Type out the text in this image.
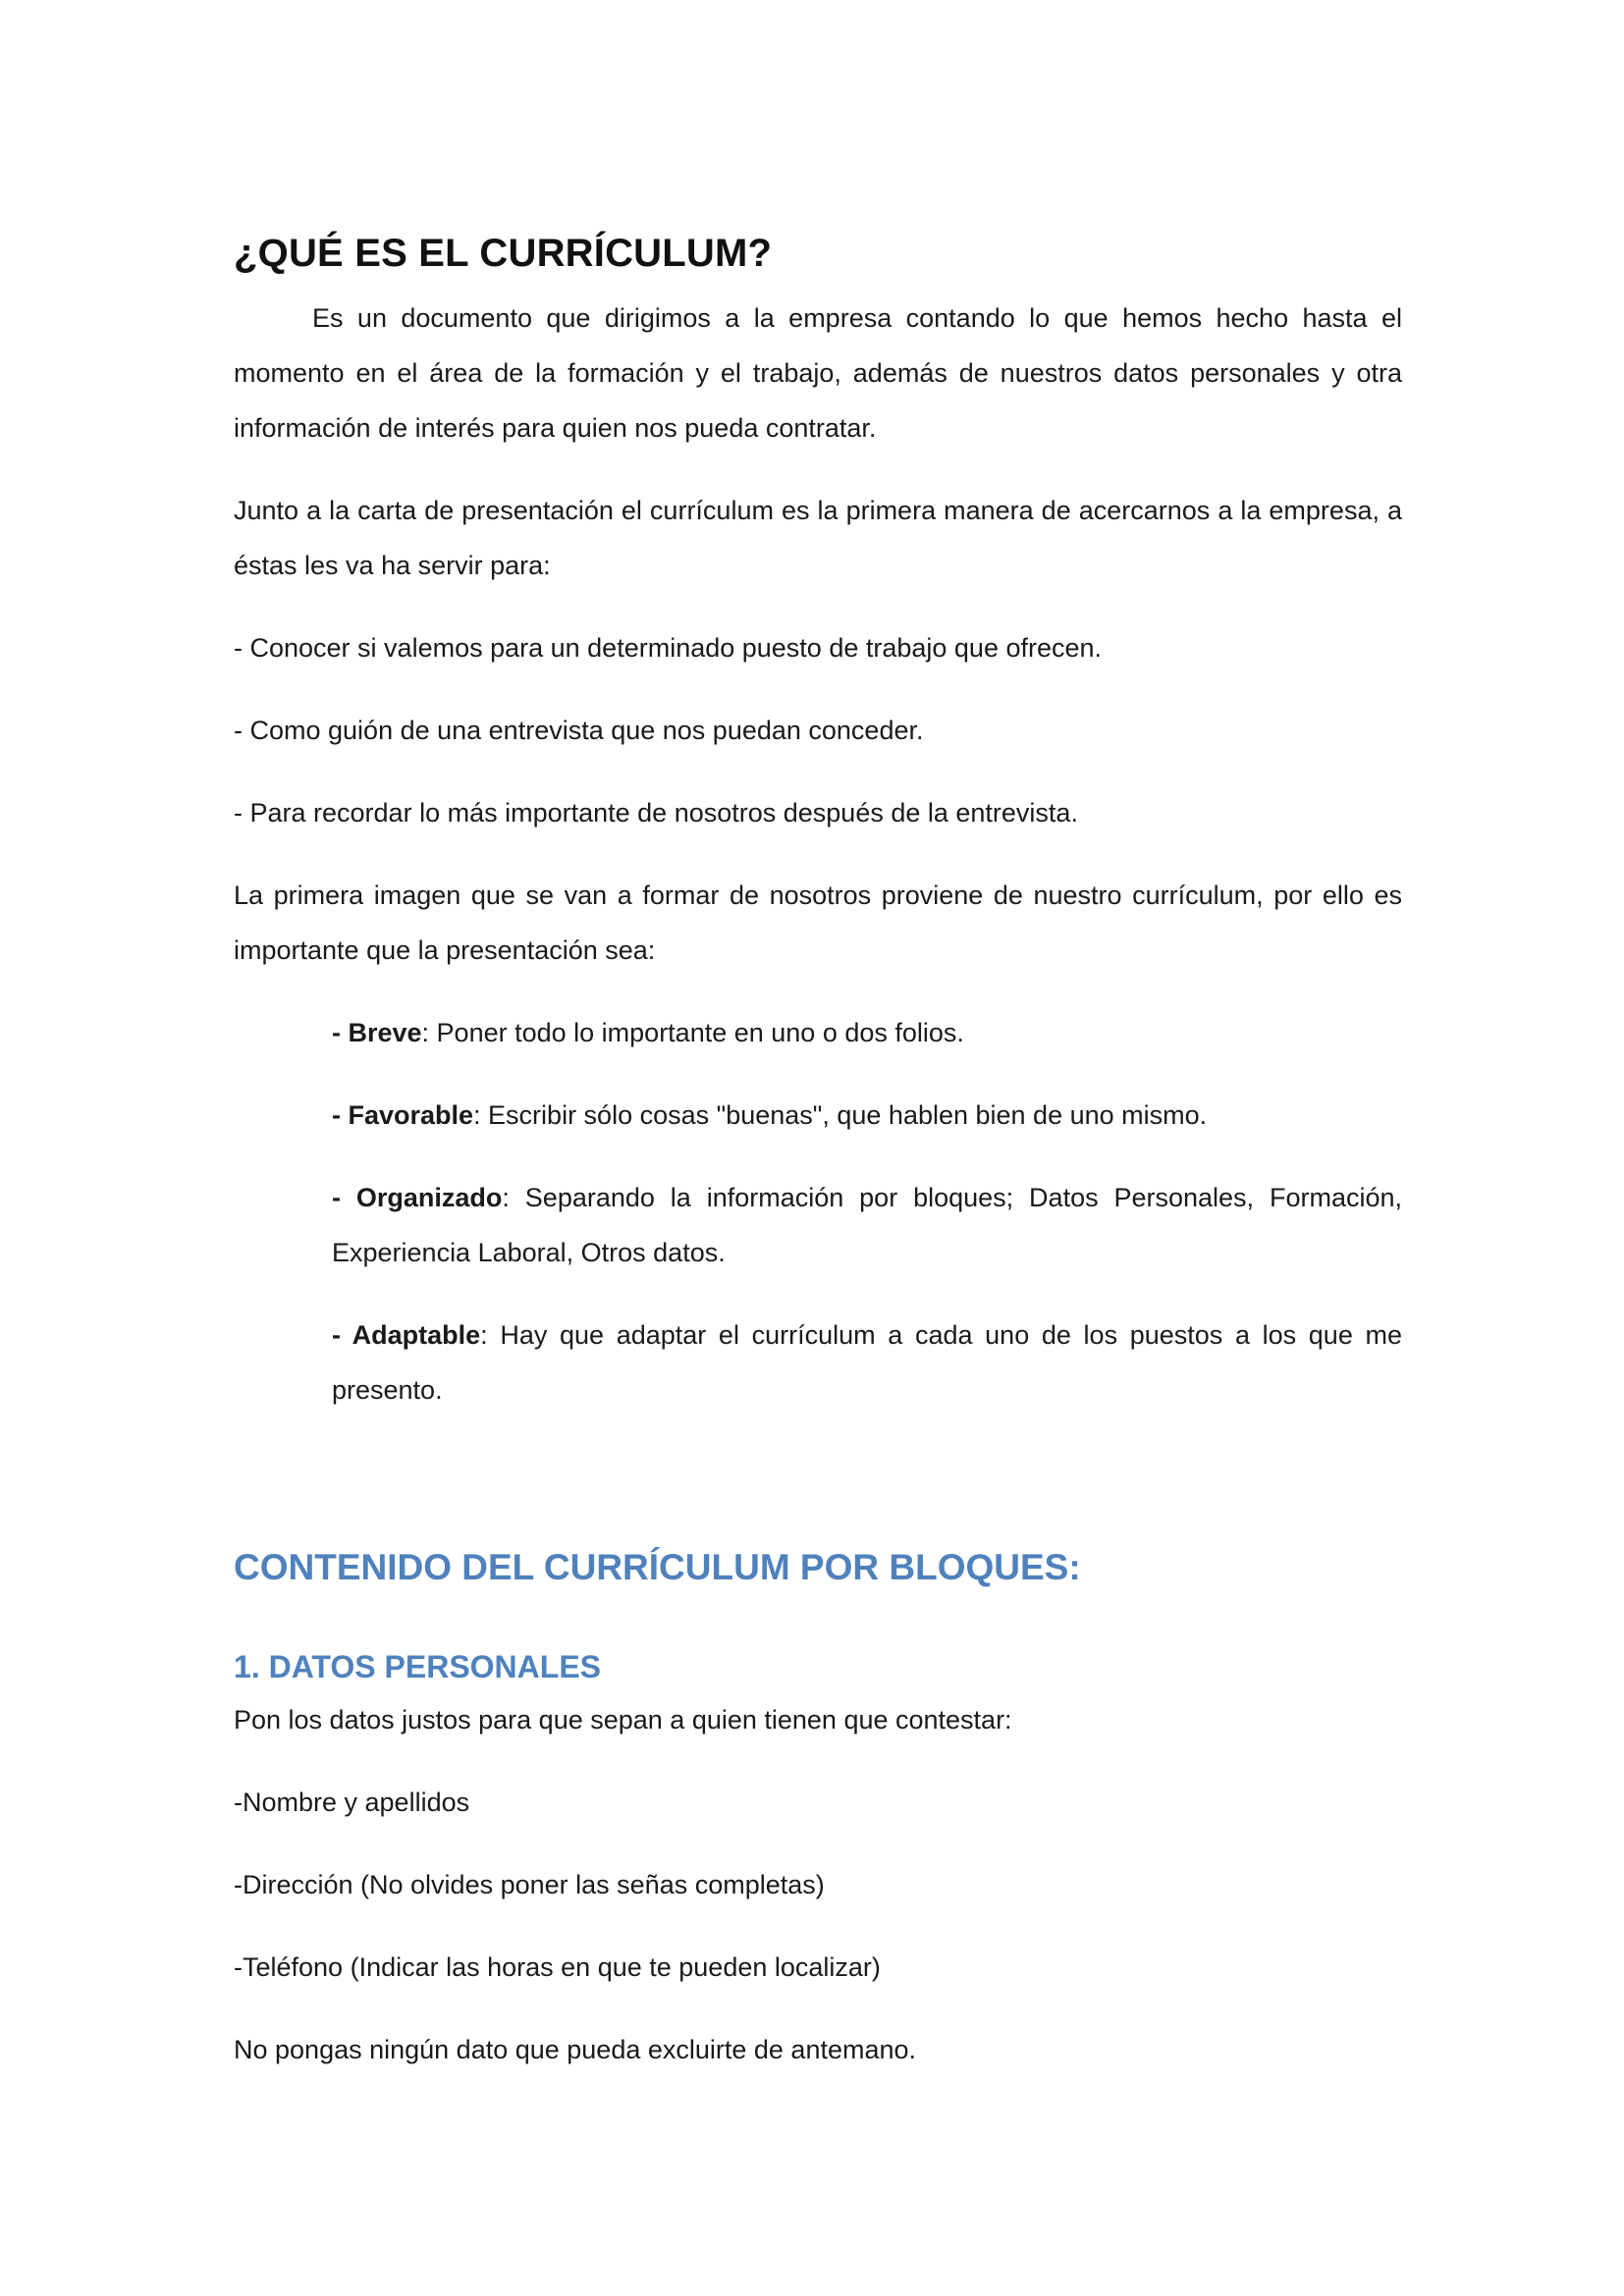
¿QUÉ ES EL CURRÍCULUM?

Es un documento que dirigimos a la empresa contando lo que hemos hecho hasta el momento en el área de la formación y el trabajo, además de nuestros datos personales y otra información de interés para quien nos pueda contratar.

Junto a la carta de presentación el currículum es la primera manera de acercarnos a la empresa, a éstas les va ha servir para:

- Conocer si valemos para un determinado puesto de trabajo que ofrecen.

- Como guión de una entrevista que nos puedan conceder.

- Para recordar lo más importante de nosotros después de la entrevista.

La primera imagen que se van a formar de nosotros proviene de nuestro currículum, por ello es importante que la presentación sea:

- Breve: Poner todo lo importante en uno o dos folios.

- Favorable: Escribir sólo cosas "buenas", que hablen bien de uno mismo.

- Organizado: Separando la información por bloques; Datos Personales, Formación, Experiencia Laboral, Otros datos.

- Adaptable: Hay que adaptar el currículum a cada uno de los puestos a los que me presento.

CONTENIDO DEL CURRÍCULUM POR BLOQUES:
1. DATOS PERSONALES

Pon los datos justos para que sepan a quien tienen que contestar:

-Nombre y apellidos

-Dirección (No olvides poner las señas completas)

-Teléfono (Indicar las horas en que te pueden localizar)

No pongas ningún dato que pueda excluirte de antemano.
